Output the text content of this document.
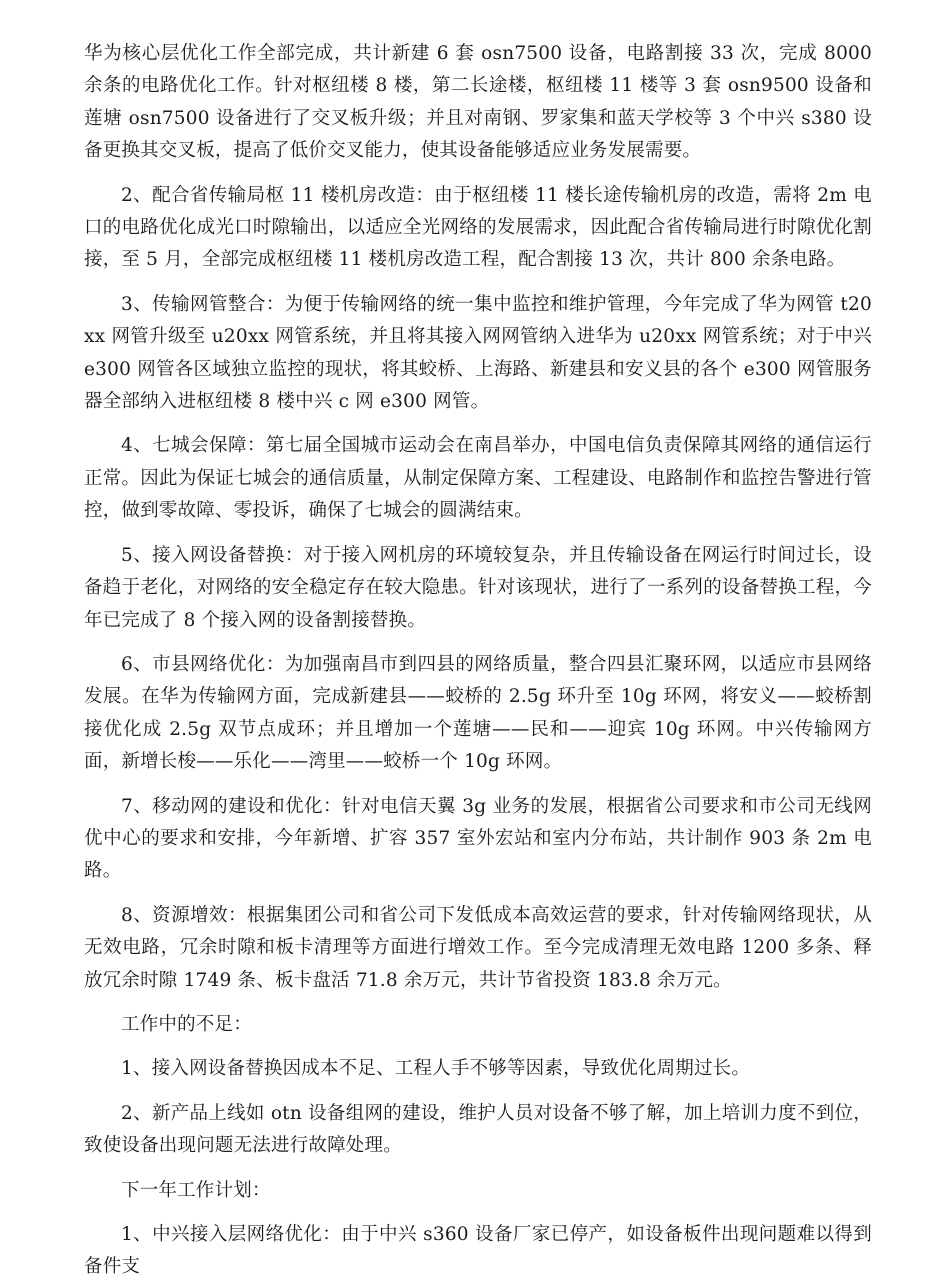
华为核心层优化工作全部完成，共计新建 6 套 osn7500 设备，电路割接 33 次，完成 8000 余条的电路优化工作。针对枢纽楼 8 楼，第二长途楼，枢纽楼 11 楼等 3 套 osn9500 设备和莲塘 osn7500 设备进行了交叉板升级；并且对南钢、罗家集和蓝天学校等 3 个中兴 s380 设备更换其交叉板，提高了低价交叉能力，使其设备能够适应业务发展需要。

2、配合省传输局枢 11 楼机房改造：由于枢纽楼 11 楼长途传输机房的改造，需将 2m 电口的电路优化成光口时隙输出，以适应全光网络的发展需求，因此配合省传输局进行时隙优化割接，至 5 月，全部完成枢纽楼 11 楼机房改造工程，配合割接 13 次，共计 800 余条电路。

3、传输网管整合：为便于传输网络的统一集中监控和维护管理，今年完成了华为网管 t20xx 网管升级至 u20xx 网管系统，并且将其接入网网管纳入进华为 u20xx 网管系统；对于中兴 e300 网管各区域独立监控的现状，将其蛟桥、上海路、新建县和安义县的各个 e300 网管服务器全部纳入进枢纽楼 8 楼中兴 c 网 e300 网管。

4、七城会保障：第七届全国城市运动会在南昌举办，中国电信负责保障其网络的通信运行正常。因此为保证七城会的通信质量，从制定保障方案、工程建设、电路制作和监控告警进行管控，做到零故障、零投诉，确保了七城会的圆满结束。

5、接入网设备替换：对于接入网机房的环境较复杂，并且传输设备在网运行时间过长，设备趋于老化，对网络的安全稳定存在较大隐患。针对该现状，进行了一系列的设备替换工程，今年已完成了 8 个接入网的设备割接替换。

6、市县网络优化：为加强南昌市到四县的网络质量，整合四县汇聚环网，以适应市县网络发展。在华为传输网方面，完成新建县——蛟桥的 2.5g 环升至 10g 环网，将安义——蛟桥割接优化成 2.5g 双节点成环；并且增加一个莲塘——民和——迎宾 10g 环网。中兴传输网方面，新增长梭——乐化——湾里——蛟桥一个 10g 环网。

7、移动网的建设和优化：针对电信天翼 3g 业务的发展，根据省公司要求和市公司无线网优中心的要求和安排，今年新增、扩容 357 室外宏站和室内分布站，共计制作 903 条 2m 电路。

8、资源增效：根据集团公司和省公司下发低成本高效运营的要求，针对传输网络现状，从无效电路，冗余时隙和板卡清理等方面进行增效工作。至今完成清理无效电路 1200 多条、释放冗余时隙 1749 条、板卡盘活 71.8 余万元，共计节省投资 183.8 余万元。

工作中的不足：

1、接入网设备替换因成本不足、工程人手不够等因素，导致优化周期过长。

2、新产品上线如 otn 设备组网的建设，维护人员对设备不够了解，加上培训力度不到位，致使设备出现问题无法进行故障处理。

下一年工作计划：

1、中兴接入层网络优化：由于中兴 s360 设备厂家已停产，如设备板件出现问题难以得到备件支
